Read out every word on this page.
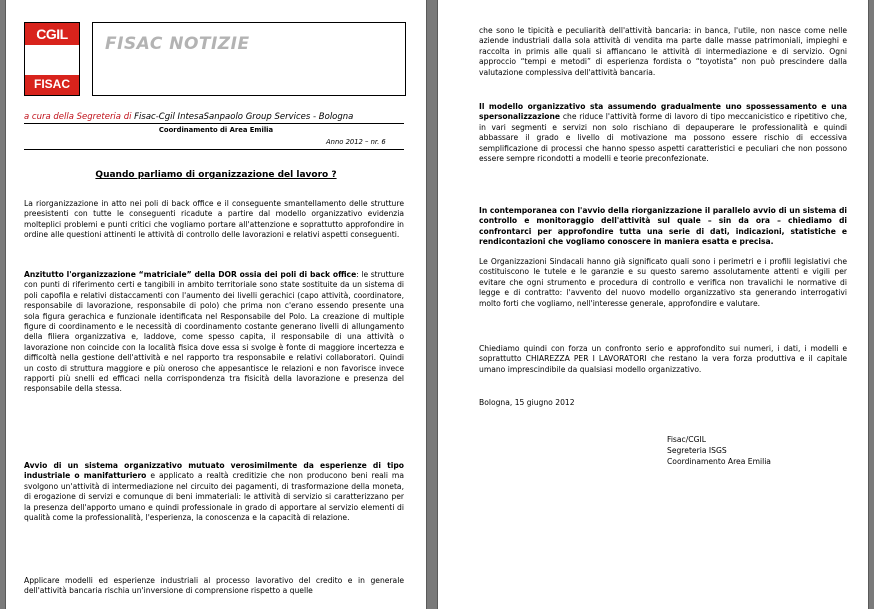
CGIL
FISAC
FISAC NOTIZIE
a cura della Segreteria di Fisac-Cgil IntesaSanpaolo Group Services - Bologna
Coordinamento di Area Emilia
Anno 2012 – nr. 6
Quando parliamo di organizzazione del lavoro ?
La riorganizzazione in atto nei poli di back office e il conseguente smantellamento delle strutture preesistenti con tutte le conseguenti ricadute a partire dal modello organizzativo evidenzia molteplici problemi e punti critici che vogliamo portare all'attenzione e soprattutto approfondire in ordine alle questioni attinenti le attività di controllo delle lavorazioni e relativi aspetti conseguenti.
Anzitutto l'organizzazione “matriciale” della DOR ossia dei poli di back office: le strutture con punti di riferimento certi e tangibili in ambito territoriale sono state sostituite da un sistema di poli capofila e relativi distaccamenti con l'aumento dei livelli gerachici (capo attività, coordinatore, responsabile di lavorazione, responsabile di polo) che prima non c'erano essendo presente una sola figura gerachica e funzionale identificata nel Responsabile del Polo. La creazione di multiple figure di coordinamento e le necessità di coordinamento costante generano livelli di allungamento della filiera organizzativa e, laddove, come spesso capita, il responsabile di una attività o lavorazione non coincide con la località fisica dove essa si svolge è fonte di maggiore incertezza e difficoltà nella gestione dell'attività e nel rapporto tra responsabile e relativi collaboratori. Quindi un costo di struttura maggiore e più oneroso che appesantisce le relazioni e non favorisce invece rapporti più snelli ed efficaci nella corrispondenza tra fisicità della lavorazione e presenza del responsabile della stessa.
Avvio di un sistema organizzativo mutuato verosimilmente da esperienze di tipo industriale o manifatturiero e applicato a realtà creditizie che non producono beni reali ma svolgono un'attività di intermediazione nel circuito dei pagamenti, di trasformazione della moneta, di erogazione di servizi e comunque di beni immateriali: le attività di servizio si caratterizzano per la presenza dell'apporto umano e quindi professionale in grado di apportare al servizio elementi di qualità come la professionalità, l'esperienza, la conoscenza e la capacità di relazione.
Applicare modelli ed esperienze industriali al processo lavorativo del credito e in generale dell'attività bancaria rischia un'inversione di comprensione rispetto a quelle
che sono le tipicità e peculiarità dell'attività bancaria: in banca, l'utile, non nasce come nelle aziende industriali dalla sola attività di vendita ma parte dalle masse patrimoniali, impieghi e raccolta in primis alle quali si affiancano le attività di intermediazione e di servizio. Ogni approccio “tempi e metodi” di esperienza fordista o “toyotista” non può prescindere dalla valutazione complessiva dell'attività bancaria.
Il modello organizzativo sta assumendo gradualmente uno spossessamento e una spersonalizzazione che riduce l'attività forme di lavoro di tipo meccanicistico e ripetitivo che, in vari segmenti e servizi non solo rischiano di depauperare le professionalità e quindi abbassare il grado e livello di motivazione ma possono essere rischio di eccessiva semplificazione di processi che hanno spesso aspetti caratteristici e peculiari che non possono essere sempre ricondotti a modelli e teorie preconfezionate.
In contemporanea con l'avvio della riorganizzazione il parallelo avvio di un sistema di controllo e monitoraggio dell'attività sul quale – sin da ora – chiediamo di confrontarci per approfondire tutta una serie di dati, indicazioni, statistiche e rendicontazioni che vogliamo conoscere in maniera esatta e precisa.
Le Organizzazioni Sindacali hanno già significato quali sono i perimetri e i profili legislativi che costituiscono le tutele e le garanzie e su questo saremo assolutamente attenti e vigili per evitare che ogni strumento e procedura di controllo e verifica non travalichi le normative di legge e di contratto: l'avvento del nuovo modello organizzativo sta generando interrogativi molto forti che vogliamo, nell'interesse generale, approfondire e valutare.
Chiediamo quindi con forza un confronto serio e approfondito sui numeri, i dati, i modelli e soprattutto CHIAREZZA PER I LAVORATORI che restano la vera forza produttiva e il capitale umano imprescindibile da qualsiasi modello organizzativo.
Bologna, 15 giugno 2012
Fisac/CGIL
Segreteria ISGS
Coordinamento Area Emilia
